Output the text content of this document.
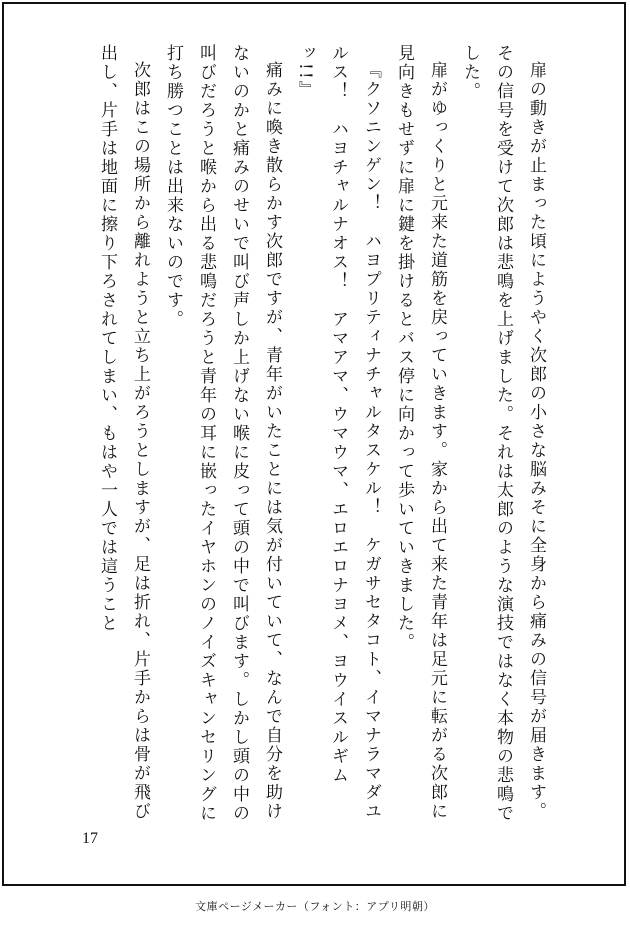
扉の動きが止まった頃にようやく次郎の小さな脳みそに全身から痛みの信号が届きます。その信号を受けて次郎は悲鳴を上げました。それは太郎のような演技ではなく本物の悲鳴でした。

扉がゆっくりと元来た道筋を戻っていきます。家から出て来た青年は足元に転がる次郎に見向きもせずに扉に鍵を掛けるとバス停に向かって歩いていきました。

『クソニンゲン！　ハヨプリティナチャルタスケル！　ケガサセタコト、イマナラマダユルス！　ハヨチャルナオス！　アマアマ、ウマウマ、エロエロナヨメ、ヨウイスルギムッ!!』

痛みに喚き散らかす次郎ですが、青年がいたことには気が付いていて、なんで自分を助けないのかと痛みのせいで叫び声しか上げない喉に皮って頭の中で叫びます。しかし頭の中の叫びだろうと喉から出る悲鳴だろうと青年の耳に嵌ったイヤホンのノイズキャンセリングに打ち勝つことは出来ないのです。

次郎はこの場所から離れようと立ち上がろうとしますが、足は折れ、片手からは骨が飛び出し、片手は地面に擦り下ろされてしまい、もはや一人では這うこと

17
文庫ページメーカー（フォント：アプリ明朝）
